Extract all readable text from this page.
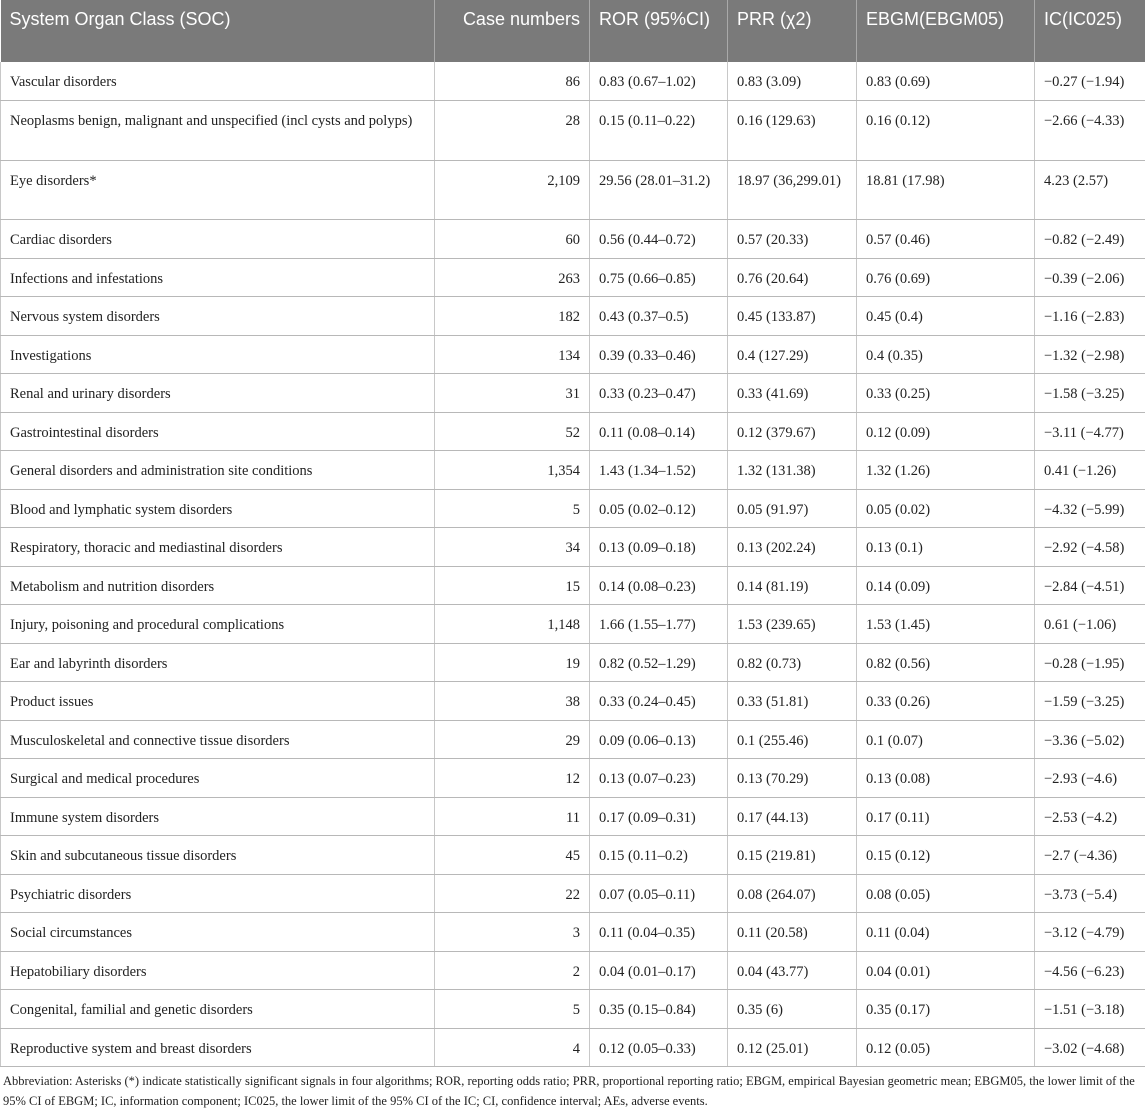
System Organ Class (SOC)	Case numbers	ROR (95%CI)	PRR (χ2)	EBGM(EBGM05)	IC(IC025)
Vascular disorders	86	0.83 (0.67–1.02)	0.83 (3.09)	0.83 (0.69)	−0.27 (−1.94)
Neoplasms benign, malignant and unspecified (incl cysts and polyps)	28	0.15 (0.11–0.22)	0.16 (129.63)	0.16 (0.12)	−2.66 (−4.33)
Eye disorders*	2,109	29.56 (28.01–31.2)	18.97 (36,299.01)	18.81 (17.98)	4.23 (2.57)
Cardiac disorders	60	0.56 (0.44–0.72)	0.57 (20.33)	0.57 (0.46)	−0.82 (−2.49)
Infections and infestations	263	0.75 (0.66–0.85)	0.76 (20.64)	0.76 (0.69)	−0.39 (−2.06)
Nervous system disorders	182	0.43 (0.37–0.5)	0.45 (133.87)	0.45 (0.4)	−1.16 (−2.83)
Investigations	134	0.39 (0.33–0.46)	0.4 (127.29)	0.4 (0.35)	−1.32 (−2.98)
Renal and urinary disorders	31	0.33 (0.23–0.47)	0.33 (41.69)	0.33 (0.25)	−1.58 (−3.25)
Gastrointestinal disorders	52	0.11 (0.08–0.14)	0.12 (379.67)	0.12 (0.09)	−3.11 (−4.77)
General disorders and administration site conditions	1,354	1.43 (1.34–1.52)	1.32 (131.38)	1.32 (1.26)	0.41 (−1.26)
Blood and lymphatic system disorders	5	0.05 (0.02–0.12)	0.05 (91.97)	0.05 (0.02)	−4.32 (−5.99)
Respiratory, thoracic and mediastinal disorders	34	0.13 (0.09–0.18)	0.13 (202.24)	0.13 (0.1)	−2.92 (−4.58)
Metabolism and nutrition disorders	15	0.14 (0.08–0.23)	0.14 (81.19)	0.14 (0.09)	−2.84 (−4.51)
Injury, poisoning and procedural complications	1,148	1.66 (1.55–1.77)	1.53 (239.65)	1.53 (1.45)	0.61 (−1.06)
Ear and labyrinth disorders	19	0.82 (0.52–1.29)	0.82 (0.73)	0.82 (0.56)	−0.28 (−1.95)
Product issues	38	0.33 (0.24–0.45)	0.33 (51.81)	0.33 (0.26)	−1.59 (−3.25)
Musculoskeletal and connective tissue disorders	29	0.09 (0.06–0.13)	0.1 (255.46)	0.1 (0.07)	−3.36 (−5.02)
Surgical and medical procedures	12	0.13 (0.07–0.23)	0.13 (70.29)	0.13 (0.08)	−2.93 (−4.6)
Immune system disorders	11	0.17 (0.09–0.31)	0.17 (44.13)	0.17 (0.11)	−2.53 (−4.2)
Skin and subcutaneous tissue disorders	45	0.15 (0.11–0.2)	0.15 (219.81)	0.15 (0.12)	−2.7 (−4.36)
Psychiatric disorders	22	0.07 (0.05–0.11)	0.08 (264.07)	0.08 (0.05)	−3.73 (−5.4)
Social circumstances	3	0.11 (0.04–0.35)	0.11 (20.58)	0.11 (0.04)	−3.12 (−4.79)
Hepatobiliary disorders	2	0.04 (0.01–0.17)	0.04 (43.77)	0.04 (0.01)	−4.56 (−6.23)
Congenital, familial and genetic disorders	5	0.35 (0.15–0.84)	0.35 (6)	0.35 (0.17)	−1.51 (−3.18)
Reproductive system and breast disorders	4	0.12 (0.05–0.33)	0.12 (25.01)	0.12 (0.05)	−3.02 (−4.68)
Abbreviation: Asterisks (*) indicate statistically significant signals in four algorithms; ROR, reporting odds ratio; PRR, proportional reporting ratio; EBGM, empirical Bayesian geometric mean; EBGM05, the lower limit of the 95% CI of EBGM; IC, information component; IC025, the lower limit of the 95% CI of the IC; CI, confidence interval; AEs, adverse events.
